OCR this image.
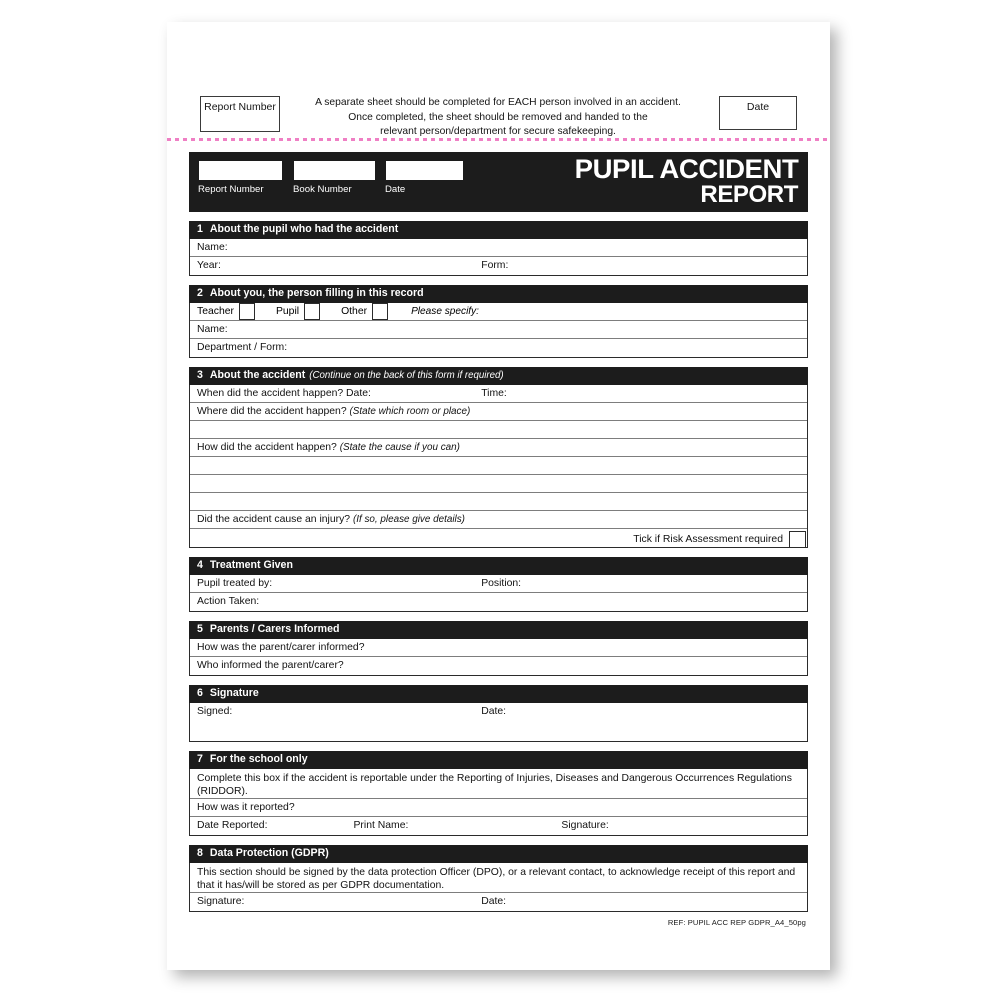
Report Number	A separate sheet should be completed for EACH person involved in an accident.
Once completed, the sheet should be removed and handed to the
relevant person/department for secure safekeeping.
Date
Report Number	Book Number	Date
PUPIL ACCIDENT
REPORT
1 About the pupil who had the accident
Name:
Year:	Form:
2 About you, the person filling in this record
Teacher	Pupil	Other	Please specify:
Name:
Department / Form:
3 About the accident (Continue on the back of this form if required)
When did the accident happen? Date:	Time:
Where did the accident happen? (State which room or place)
How did the accident happen? (State the cause if you can)
Did the accident cause an injury? (If so, please give details)
Tick if Risk Assessment required
4 Treatment Given
Pupil treated by:	Position:
Action Taken:
5 Parents / Carers Informed
How was the parent/carer informed?
Who informed the parent/carer?
6 Signature
Signed:	Date:
7 For the school only
Complete this box if the accident is reportable under the Reporting of Injuries, Diseases and Dangerous Occurrences Regulations (RIDDOR).
How was it reported?
Date Reported:	Print Name:	Signature:
8 Data Protection (GDPR)
This section should be signed by the data protection Officer (DPO), or a relevant contact, to acknowledge receipt of this report and that it has/will be stored as per GDPR documentation.
Signature:	Date:
REF: PUPIL ACC REP GDPR_A4_50pg
